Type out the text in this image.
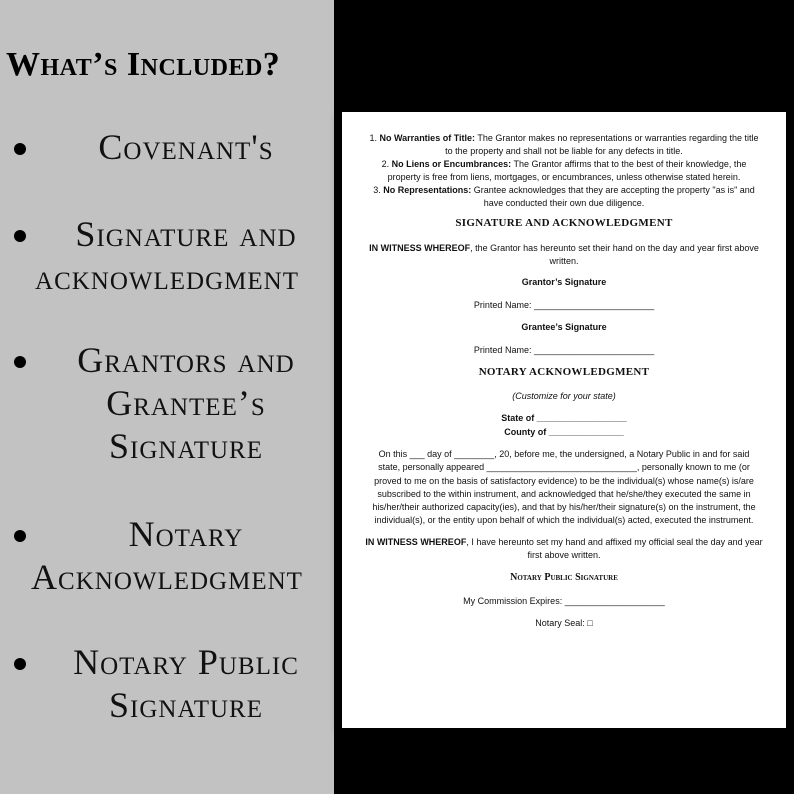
What’s Included?
Covenant's
Signature and
acknowledgment
Grantors and
Grantee’s
Signature
Notary
Acknowledgment
Notary Public
Signature
1. No Warranties of Title: The Grantor makes no representations or warranties regarding the title
to the property and shall not be liable for any defects in title.
2. No Liens or Encumbrances: The Grantor affirms that to the best of their knowledge, the
property is free from liens, mortgages, or encumbrances, unless otherwise stated herein.
3. No Representations: Grantee acknowledges that they are accepting the property "as is" and
have conducted their own due diligence.
SIGNATURE AND ACKNOWLEDGMENT
IN WITNESS WHEREOF, the Grantor has hereunto set their hand on the day and year first above
written.
Grantor’s Signature
Printed Name: ________________________
Grantee’s Signature
Printed Name: ________________________
NOTARY ACKNOWLEDGMENT
(Customize for your state)
State of __________________
County of _______________
On this ___ day of ________, 20, before me, the undersigned, a Notary Public in and for said
state, personally appeared ______________________________, personally known to me (or
proved to me on the basis of satisfactory evidence) to be the individual(s) whose name(s) is/are
subscribed to the within instrument, and acknowledged that he/she/they executed the same in
his/her/their authorized capacity(ies), and that by his/her/their signature(s) on the instrument, the
individual(s), or the entity upon behalf of which the individual(s) acted, executed the instrument.
IN WITNESS WHEREOF, I have hereunto set my hand and affixed my official seal the day and year
first above written.
Notary Public Signature
My Commission Expires: ____________________
Notary Seal: □
